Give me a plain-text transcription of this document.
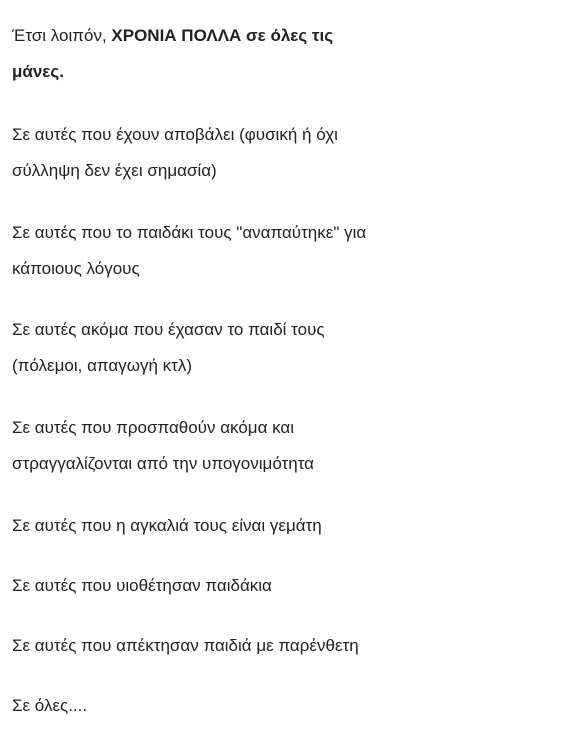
Έτσι λοιπόν, ΧΡΟΝΙΑ ΠΟΛΛΑ σε όλες τις
μάνες.

Σε αυτές που έχουν αποβάλει (φυσική ή όχι
σύλληψη δεν έχει σημασία)

Σε αυτές που το παιδάκι τους "αναπαύτηκε" για
κάποιους λόγους

Σε αυτές ακόμα που έχασαν το παιδί τους
(πόλεμοι, απαγωγή κτλ)

Σε αυτές που προσπαθούν ακόμα και
στραγγαλίζονται από την υπογονιμότητα

Σε αυτές που η αγκαλιά τους είναι γεμάτη

Σε αυτές που υιοθέτησαν παιδάκια

Σε αυτές που απέκτησαν παιδιά με παρένθετη

Σε όλες....
